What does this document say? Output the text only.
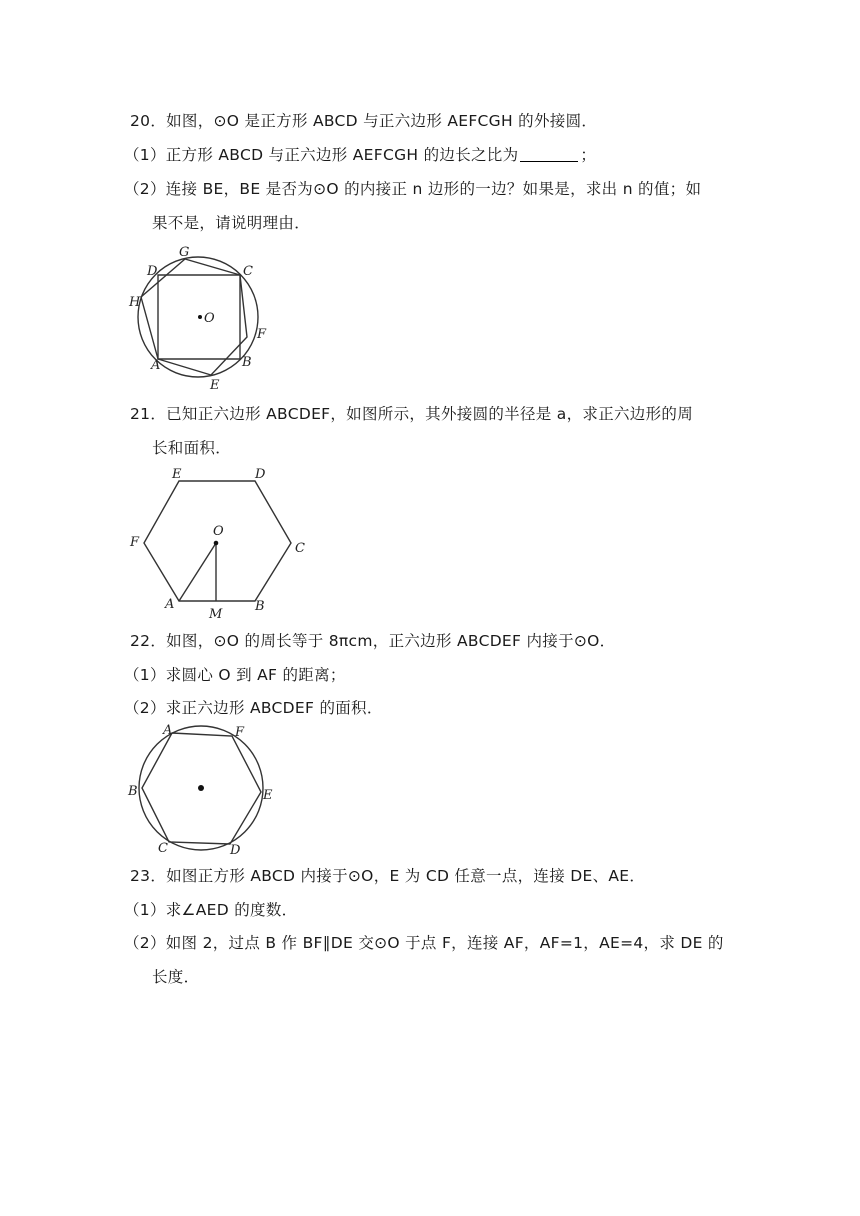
20．如图，⊙O 是正方形 ABCD 与正六边形 AEFCGH 的外接圆．
（1）正方形 ABCD 与正六边形 AEFCGH 的边长之比为	；
（2）连接 BE，BE 是否为⊙O 的内接正 n 边形的一边？如果是，求出 n 的值；如
果不是，请说明理由．
G
D	C
H
O
F
A	B
E
21．已知正六边形 ABCDEF，如图所示，其外接圆的半径是 a，求正六边形的周
长和面积．
E	D
F
O
C
A
M
B
22．如图，⊙O 的周长等于 8πcm，正六边形 ABCDEF 内接于⊙O．
（1）求圆心 O 到 AF 的距离；
（2）求正六边形 ABCDEF 的面积．
A	F
B	E
C	D
23．如图正方形 ABCD 内接于⊙O，E 为 CD 任意一点，连接 DE、AE．
（1）求∠AED 的度数．
（2）如图 2，过点 B 作 BF∥DE 交⊙O 于点 F，连接 AF，AF=1，AE=4，求 DE 的
长度．
